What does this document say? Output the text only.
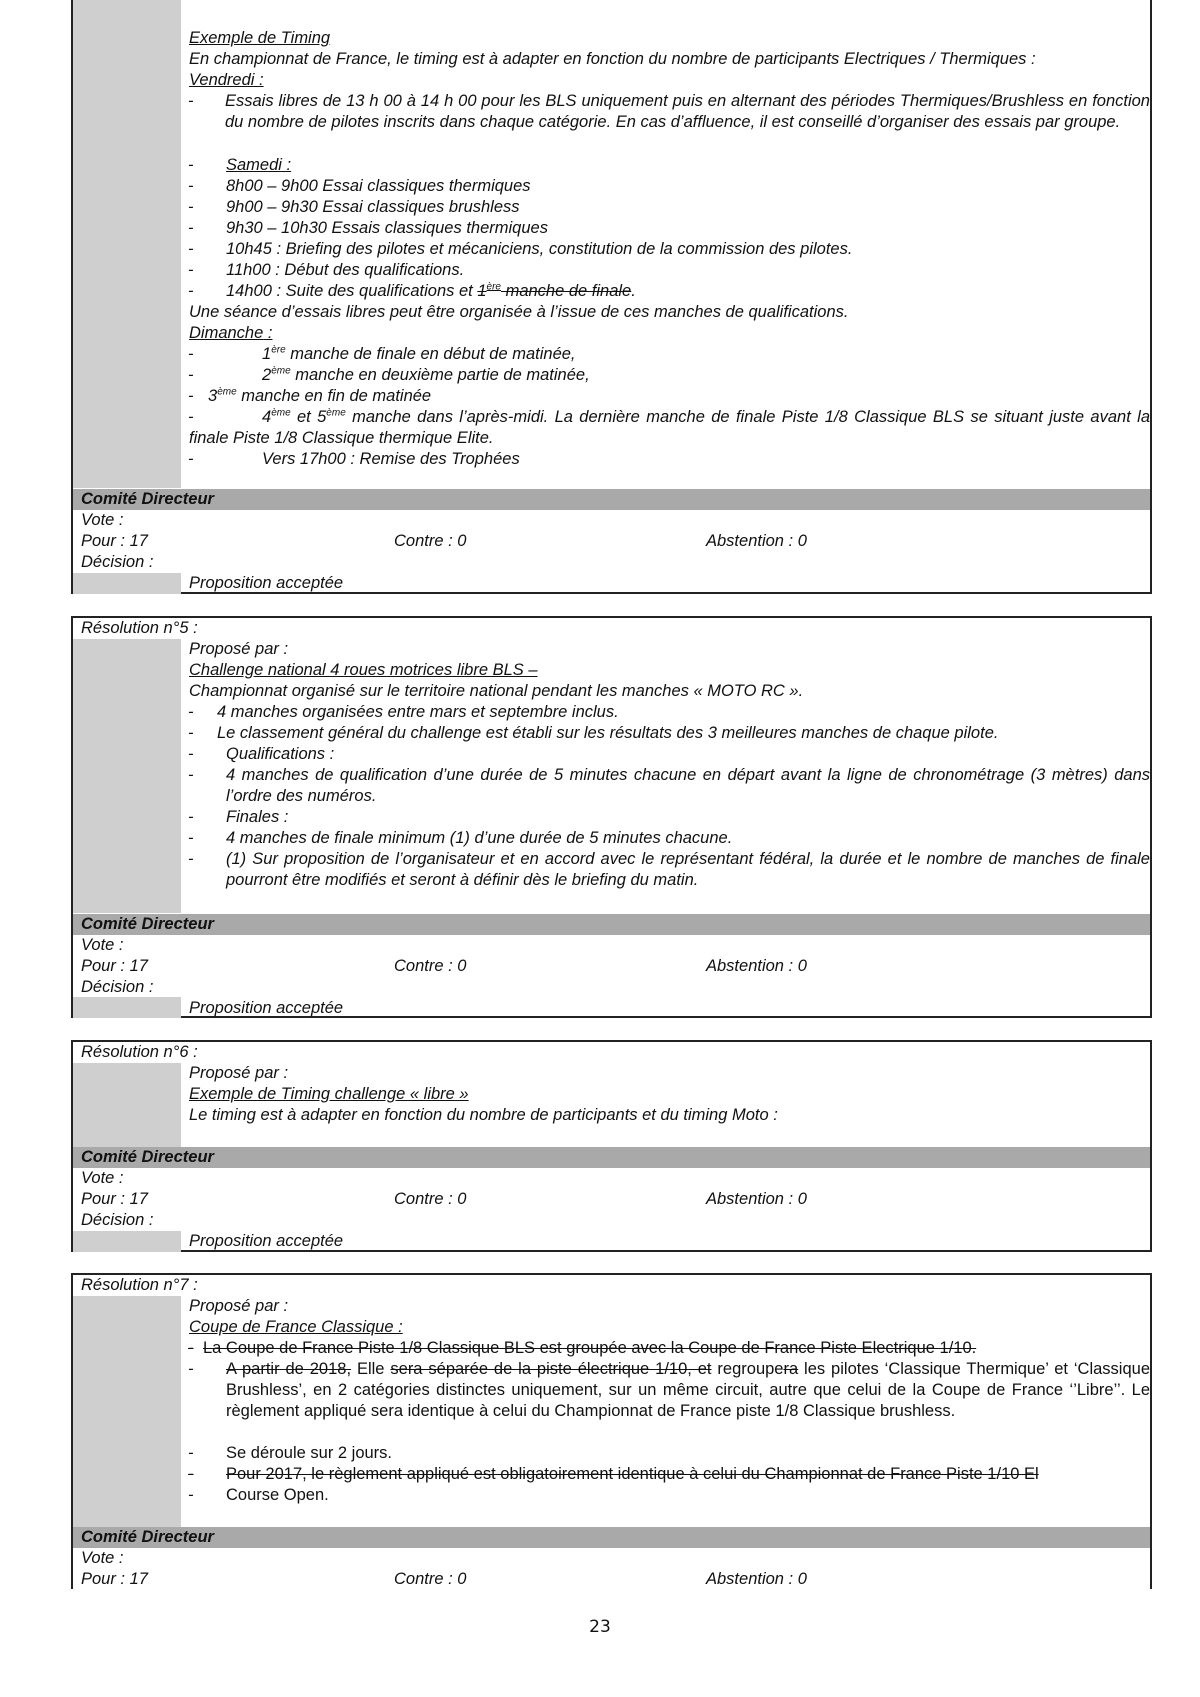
Exemple de Timing
En championnat de France, le timing est à adapter en fonction du nombre de participants Electriques / Thermiques :
Vendredi :
- Essais libres de 13 h 00 à 14 h 00 pour les BLS uniquement puis en alternant des périodes Thermiques/Brushless en fonction du nombre de pilotes inscrits dans chaque catégorie. En cas d’affluence, il est conseillé d’organiser des essais par groupe.
- Samedi :
- 8h00 – 9h00 Essai classiques thermiques
- 9h00 – 9h30 Essai classiques brushless
- 9h30 – 10h30 Essais classiques thermiques
- 10h45 : Briefing des pilotes et mécaniciens, constitution de la commission des pilotes.
- 11h00 : Début des qualifications.
- 14h00 : Suite des qualifications et 1ère manche de finale.
Une séance d’essais libres peut être organisée à l’issue de ces manches de qualifications.
Dimanche :
-	1ère manche de finale en début de matinée,
-	2ème manche en deuxième partie de matinée,
- 3ème manche en fin de matinée
-	4ème et 5ème manche dans l’après-midi. La dernière manche de finale Piste 1/8 Classique BLS se situant juste avant la finale Piste 1/8 Classique thermique Elite.
-	Vers 17h00 : Remise des Trophées
Comité Directeur
Vote :
Pour : 17	Contre : 0	Abstention : 0
Décision :
Proposition acceptée
Résolution n°5 :
Proposé par :
Challenge national 4 roues motrices libre BLS –
Championnat organisé sur le territoire national pendant les manches « MOTO RC ».
- 4 manches organisées entre mars et septembre inclus.
- Le classement général du challenge est établi sur les résultats des 3 meilleures manches de chaque pilote.
- Qualifications :
- 4 manches de qualification d’une durée de 5 minutes chacune en départ avant la ligne de chronométrage (3 mètres) dans l’ordre des numéros.
- Finales :
- 4 manches de finale minimum (1) d’une durée de 5 minutes chacune.
- (1) Sur proposition de l’organisateur et en accord avec le représentant fédéral, la durée et le nombre de manches de finale pourront être modifiés et seront à définir dès le briefing du matin.
Comité Directeur
Vote :
Pour : 17	Contre : 0	Abstention : 0
Décision :
Proposition acceptée
Résolution n°6 :
Proposé par :
Exemple de Timing challenge « libre »
Le timing est à adapter en fonction du nombre de participants et du timing Moto :
Comité Directeur
Vote :
Pour : 17	Contre : 0	Abstention : 0
Décision :
Proposition acceptée
Résolution n°7 :
Proposé par :
Coupe de France Classique :
- La Coupe de France Piste 1/8 Classique BLS est groupée avec la Coupe de France Piste Electrique 1/10.
- A partir de 2018, Elle sera séparée de la piste électrique 1/10, et regroupera les pilotes ‘Classique Thermique’ et ‘Classique Brushless’, en 2 catégories distinctes uniquement, sur un même circuit, autre que celui de la Coupe de France ‘’Libre’’. Le règlement appliqué sera identique à celui du Championnat de France piste 1/8 Classique brushless.
- Se déroule sur 2 jours.
- Pour 2017, le règlement appliqué est obligatoirement identique à celui du Championnat de France Piste 1/10 El
- Course Open.
Comité Directeur
Vote :
Pour : 17	Contre : 0	Abstention : 0
23
